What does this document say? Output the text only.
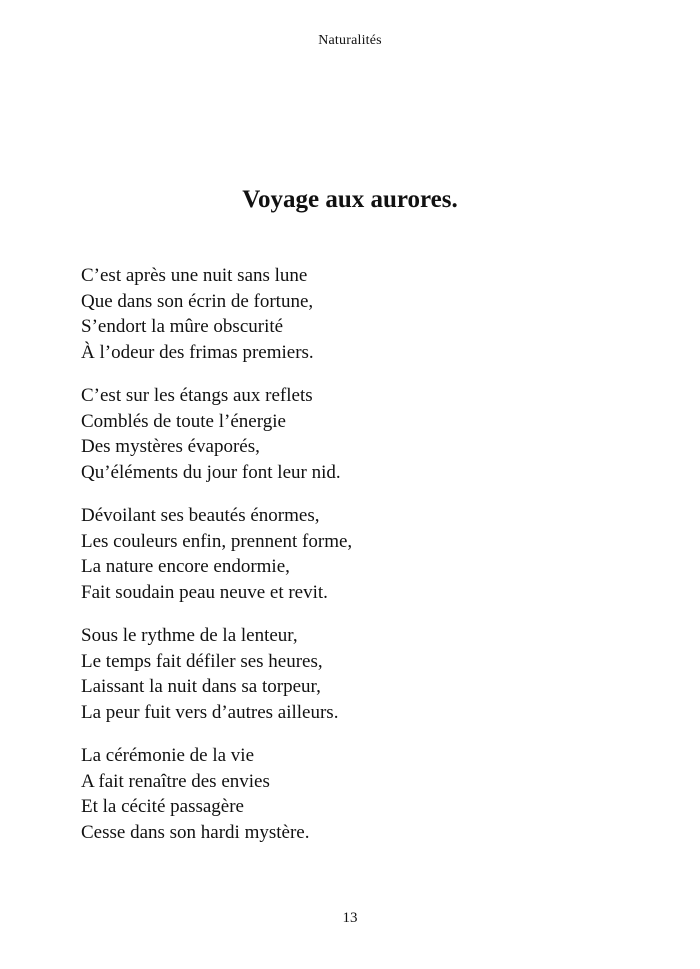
Naturalités
Voyage aux aurores.
C’est après une nuit sans lune
Que dans son écrin de fortune,
S’endort la mûre obscurité
À l’odeur des frimas premiers.
C’est sur les étangs aux reflets
Comblés de toute l’énergie
Des mystères évaporés,
Qu’éléments du jour font leur nid.
Dévoilant ses beautés énormes,
Les couleurs enfin, prennent forme,
La nature encore endormie,
Fait soudain peau neuve et revit.
Sous le rythme de la lenteur,
Le temps fait défiler ses heures,
Laissant la nuit dans sa torpeur,
La peur fuit vers d’autres ailleurs.
La cérémonie de la vie
A fait renaître des envies
Et la cécité passagère
Cesse dans son hardi mystère.
13
